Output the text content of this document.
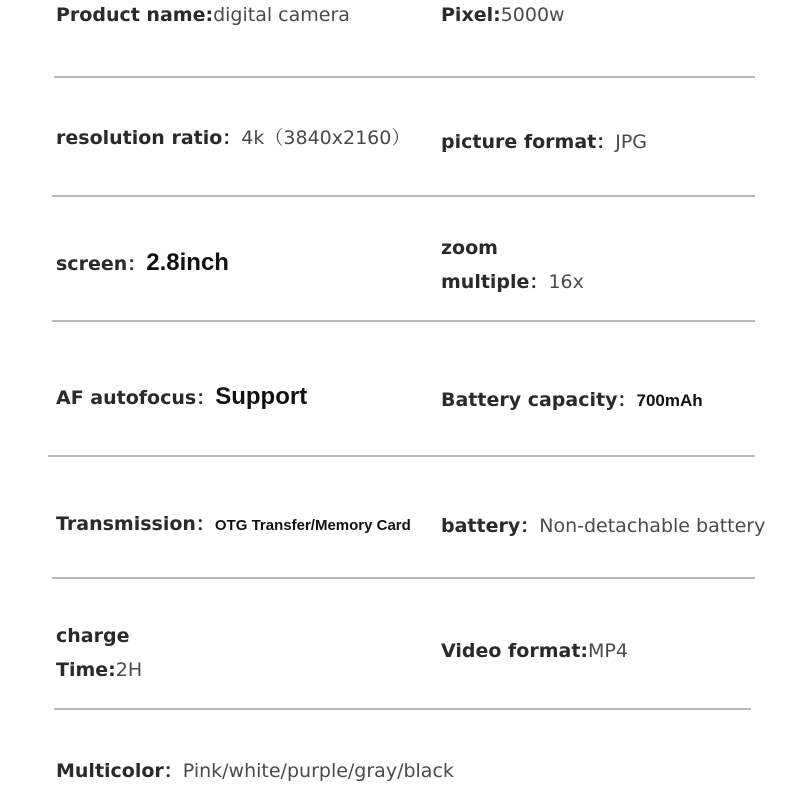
Product name:digital camera	Pixel:5000w
resolution ratio：4k（3840x2160） picture format：JPG
screen：2.8inch
zoom
multiple：16x
AF autofocus：Support	Battery capacity：700mAh
Transmission：OTG Transfer/Memory Card battery：Non-detachable battery
charge
Time:2H
Video format:MP4
Multicolor：Pink/white/purple/gray/black
